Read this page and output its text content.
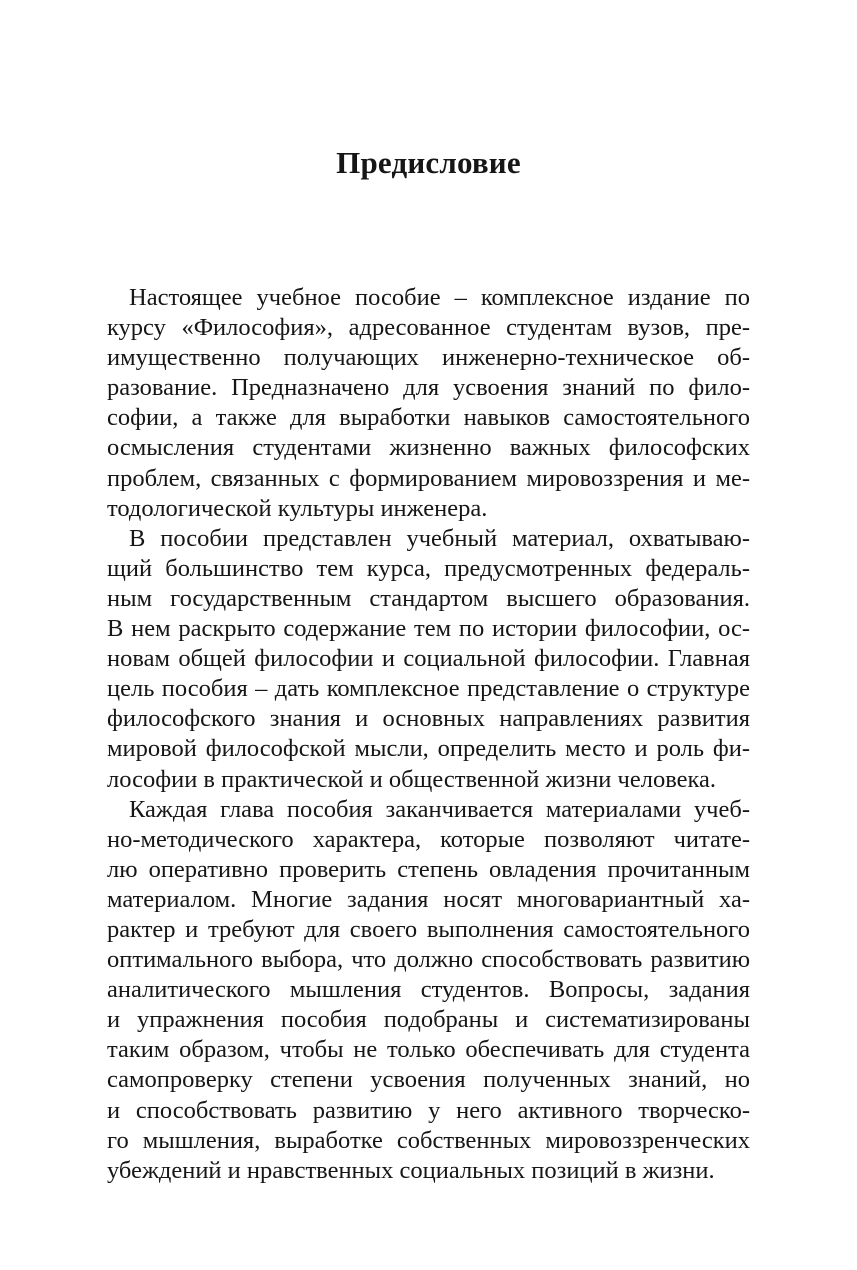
Предисловие
Настоящее учебное пособие – комплексное издание по
курсу «Философия», адресованное студентам вузов, пре-
имущественно получающих инженерно-техническое об-
разование. Предназначено для усвоения знаний по фило-
софии, а также для выработки навыков самостоятельного
осмысления студентами жизненно важных философских
проблем, связанных с формированием мировоззрения и ме-
тодологической культуры инженера.
В пособии представлен учебный материал, охватываю-
щий большинство тем курса, предусмотренных федераль-
ным государственным стандартом высшего образования.
В нем раскрыто содержание тем по истории философии, ос-
новам общей философии и социальной философии. Главная
цель пособия – дать комплексное представление о структуре
философского знания и основных направлениях развития
мировой философской мысли, определить место и роль фи-
лософии в практической и общественной жизни человека.
Каждая глава пособия заканчивается материалами учеб-
но-методического характера, которые позволяют читате-
лю оперативно проверить степень овладения прочитанным
материалом. Многие задания носят многовариантный ха-
рактер и требуют для своего выполнения самостоятельного
оптимального выбора, что должно способствовать развитию
аналитического мышления студентов. Вопросы, задания
и упражнения пособия подобраны и систематизированы
таким образом, чтобы не только обеспечивать для студента
самопроверку степени усвоения полученных знаний, но
и способствовать развитию у него активного творческо-
го мышления, выработке собственных мировоззренческих
убеждений и нравственных социальных позиций в жизни.
